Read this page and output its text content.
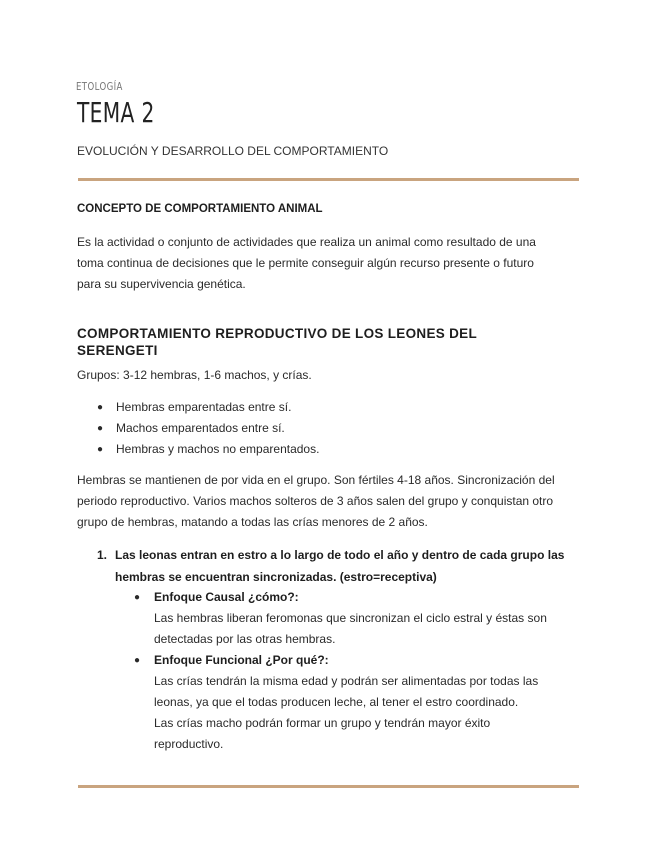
ETOLOGÍA
TEMA 2
EVOLUCIÓN Y DESARROLLO DEL COMPORTAMIENTO
CONCEPTO DE COMPORTAMIENTO ANIMAL
Es la actividad o conjunto de actividades que realiza un animal como resultado de una
toma continua de decisiones que le permite conseguir algún recurso presente o futuro
para su supervivencia genética.
COMPORTAMIENTO REPRODUCTIVO DE LOS LEONES DEL
SERENGETI
Grupos: 3-12 hembras, 1-6 machos, y crías.
● Hembras emparentadas entre sí.
● Machos emparentados entre sí.
● Hembras y machos no emparentados.
Hembras se mantienen de por vida en el grupo. Son fértiles 4-18 años. Sincronización del
periodo reproductivo. Varios machos solteros de 3 años salen del grupo y conquistan otro
grupo de hembras, matando a todas las crías menores de 2 años.
1. Las leonas entran en estro a lo largo de todo el año y dentro de cada grupo las
hembras se encuentran sincronizadas. (estro=receptiva)
●	Enfoque Causal ¿cómo?:
Las hembras liberan feromonas que sincronizan el ciclo estral y éstas son
detectadas por las otras hembras.
●	Enfoque Funcional ¿Por qué?:
Las crías tendrán la misma edad y podrán ser alimentadas por todas las
leonas, ya que el todas producen leche, al tener el estro coordinado.
Las crías macho podrán formar un grupo y tendrán mayor éxito
reproductivo.
